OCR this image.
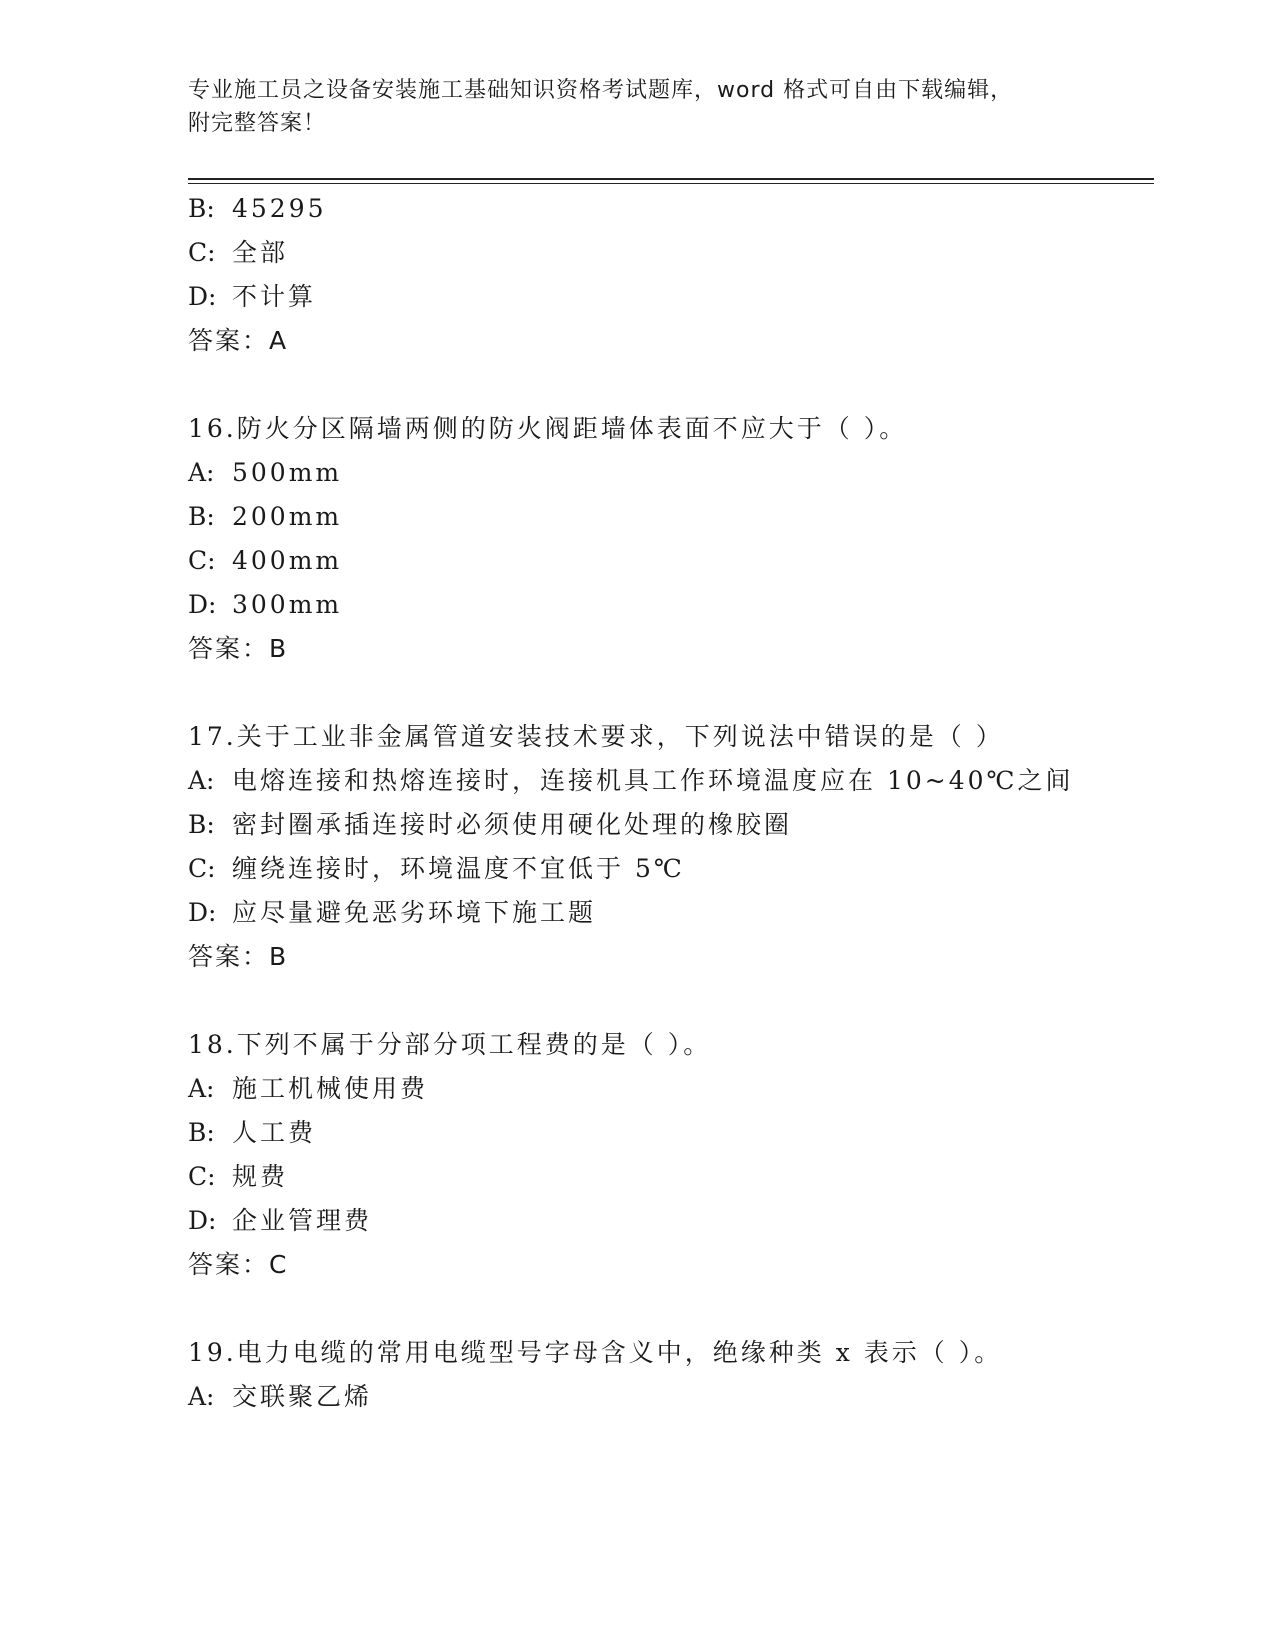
专业施工员之设备安装施工基础知识资格考试题库，word 格式可自由下载编辑，
附完整答案！
B: 45295
C: 全部
D: 不计算
答案：A
16.防火分区隔墙两侧的防火阀距墙体表面不应大于（ ）。
A: 500mm
B: 200mm
C: 400mm
D: 300mm
答案：B
17.关于工业非金属管道安装技术要求，下列说法中错误的是（ ）
A: 电熔连接和热熔连接时，连接机具工作环境温度应在 10~40℃之间
B: 密封圈承插连接时必须使用硬化处理的橡胶圈
C: 缠绕连接时，环境温度不宜低于 5℃
D: 应尽量避免恶劣环境下施工题
答案：B
18.下列不属于分部分项工程费的是（ ）。
A: 施工机械使用费
B: 人工费
C: 规费
D: 企业管理费
答案：C
19.电力电缆的常用电缆型号字母含义中，绝缘种类 x 表示（ ）。
A: 交联聚乙烯
